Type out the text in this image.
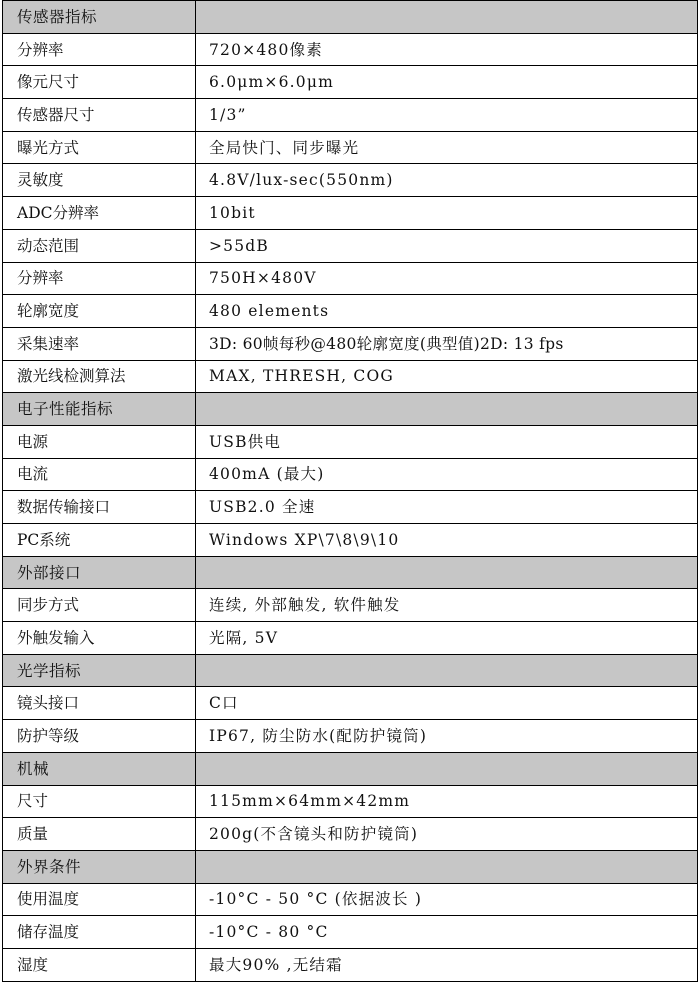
传感器指标	
分辨率	720×480像素
像元尺寸	6.0μm×6.0μm
传感器尺寸	1/3”
曝光方式	全局快门、同步曝光
灵敏度	4.8V/lux-sec(550nm)
ADC分辨率	10bit
动态范围	>55dB
分辨率	750H×480V
轮廓宽度	480 elements
采集速率	3D: 60帧每秒@480轮廓宽度(典型值)2D: 13 fps
激光线检测算法	MAX, THRESH, COG
电子性能指标	
电源	USB供电
电流	400mA (最大)
数据传输接口	USB2.0 全速
PC系统	Windows XP\7\8\9\10
外部接口	
同步方式	连续, 外部触发, 软件触发
外触发输入	光隔, 5V
光学指标	
镜头接口	C口
防护等级	IP67, 防尘防水(配防护镜筒)
机械	
尺寸	115mm×64mm×42mm
质量	200g(不含镜头和防护镜筒)
外界条件	
使用温度	-10°C - 50 °C (依据波长 )
储存温度	-10°C - 80 °C
湿度	最大90% ,无结霜
